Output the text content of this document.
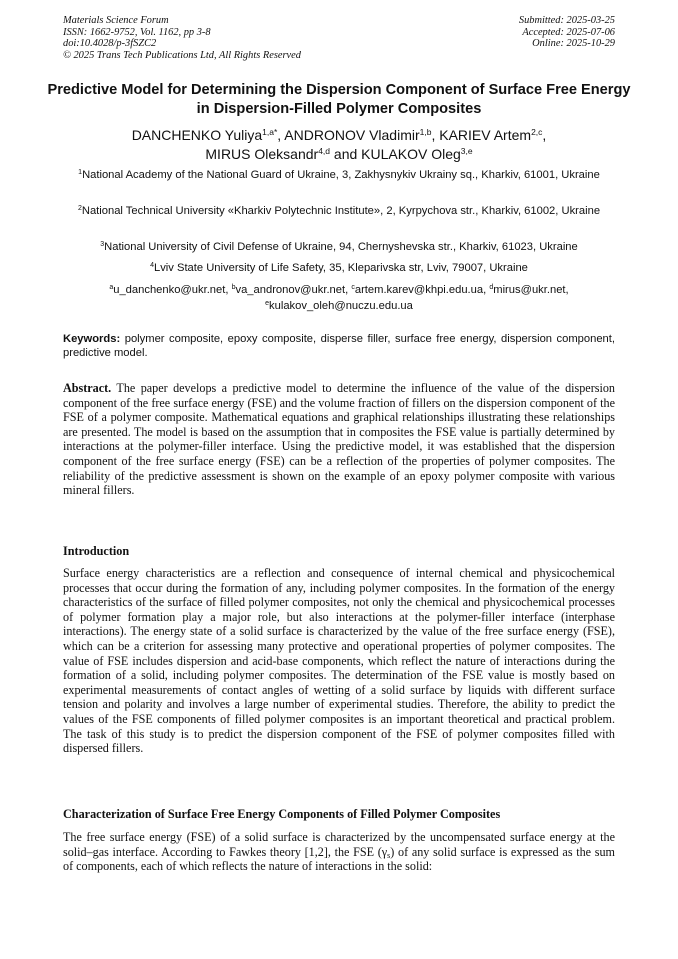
Materials Science Forum
ISSN: 1662-9752, Vol. 1162, pp 3-8
doi:10.4028/p-3fSZC2
© 2025 Trans Tech Publications Ltd, All Rights Reserved
Submitted: 2025-03-25
Accepted: 2025-07-06
Online: 2025-10-29
Predictive Model for Determining the Dispersion Component of Surface Free Energy in Dispersion-Filled Polymer Composites
DANCHENKO Yuliya$^{1,a*}$, ANDRONOV Vladimir$^{1,b}$, KARIEV Artem$^{2,c}$,
MIRUS Oleksandr$^{4,d}$ and KULAKOV Oleg$^{3,e}$
$^1$National Academy of the National Guard of Ukraine, 3, Zakhysnykiv Ukrainy sq., Kharkiv, 61001, Ukraine
$^2$National Technical University «Kharkiv Polytechnic Institute», 2, Kyrpychova str., Kharkiv, 61002, Ukraine
$^3$National University of Civil Defense of Ukraine, 94, Chernyshevska str., Kharkiv, 61023, Ukraine
$^4$Lviv State University of Life Safety, 35, Kleparivska str, Lviv, 79007, Ukraine
$^a$u_danchenko@ukr.net, $^b$va_andronov@ukr.net, $^c$artem.karev@khpi.edu.ua, $^d$mirus@ukr.net,
$^e$kulakov_oleh@nuczu.edu.ua
Keywords: polymer composite, epoxy composite, disperse filler, surface free energy, dispersion component, predictive model.
Abstract. The paper develops a predictive model to determine the influence of the value of the dispersion component of the free surface energy (FSE) and the volume fraction of fillers on the dispersion component of the FSE of a polymer composite. Mathematical equations and graphical relationships illustrating these relationships are presented. The model is based on the assumption that in composites the FSE value is partially determined by interactions at the polymer-filler interface. Using the predictive model, it was established that the dispersion component of the free surface energy (FSE) can be a reflection of the properties of polymer composites. The reliability of the predictive assessment is shown on the example of an epoxy polymer composite with various mineral fillers.
Introduction
Surface energy characteristics are a reflection and consequence of internal chemical and physicochemical processes that occur during the formation of any, including polymer composites. In the formation of the energy characteristics of the surface of filled polymer composites, not only the chemical and physicochemical processes of polymer formation play a major role, but also interactions at the polymer-filler interface (interphase interactions). The energy state of a solid surface is characterized by the value of the free surface energy (FSE), which can be a criterion for assessing many protective and operational properties of polymer composites. The value of FSE includes dispersion and acid-base components, which reflect the nature of interactions during the formation of a solid, including polymer composites. The determination of the FSE value is mostly based on experimental measurements of contact angles of wetting of a solid surface by liquids with different surface tension and polarity and involves a large number of experimental studies. Therefore, the ability to predict the values of the FSE components of filled polymer composites is an important theoretical and practical problem. The task of this study is to predict the dispersion component of the FSE of polymer composites filled with dispersed fillers.
Characterization of Surface Free Energy Components of Filled Polymer Composites
The free surface energy (FSE) of a solid surface is characterized by the uncompensated surface energy at the solid–gas interface. According to Fawkes theory [1,2], the FSE $(\gamma_s)$ of any solid surface is expressed as the sum of components, each of which reflects the nature of interactions in the solid:
